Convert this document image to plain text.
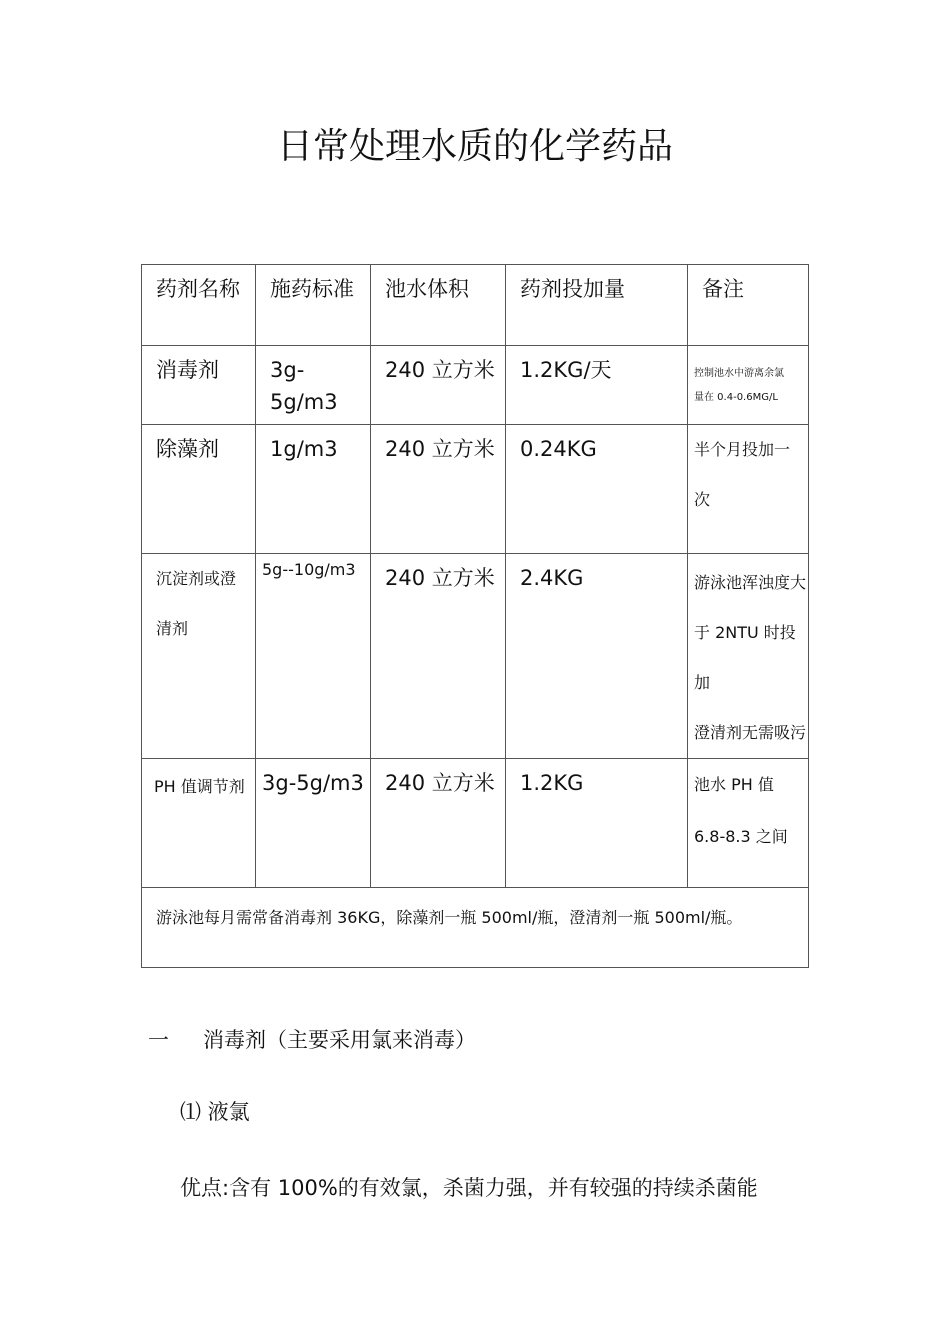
日常处理水质的化学药品
药剂名称	施药标准	池水体积	药剂投加量	备注
消毒剂	3g-5g/m3	240 立方米	1.2KG/天	控制池水中游离余氯
量在 0.4-0.6MG/L

除藻剂	1g/m3	240 立方米	0.24KG	半个月投加一
次
沉淀剂或澄
清剂	5g--10g/m3	240 立方米	2.4KG	游泳池浑浊度大
于 2NTU 时投加
澄清剂无需吸污
PH 值调节剂	3g-5g/m3	240 立方米	1.2KG	池水 PH 值
6.8-8.3 之间
游泳池每月需常备消毒剂 36KG，除藻剂一瓶 500ml/瓶，澄清剂一瓶 500ml/瓶。				
一 消毒剂（主要采用氯来消毒）
⑴ 液氯
优点:含有 100%的有效氯，杀菌力强，并有较强的持续杀菌能
